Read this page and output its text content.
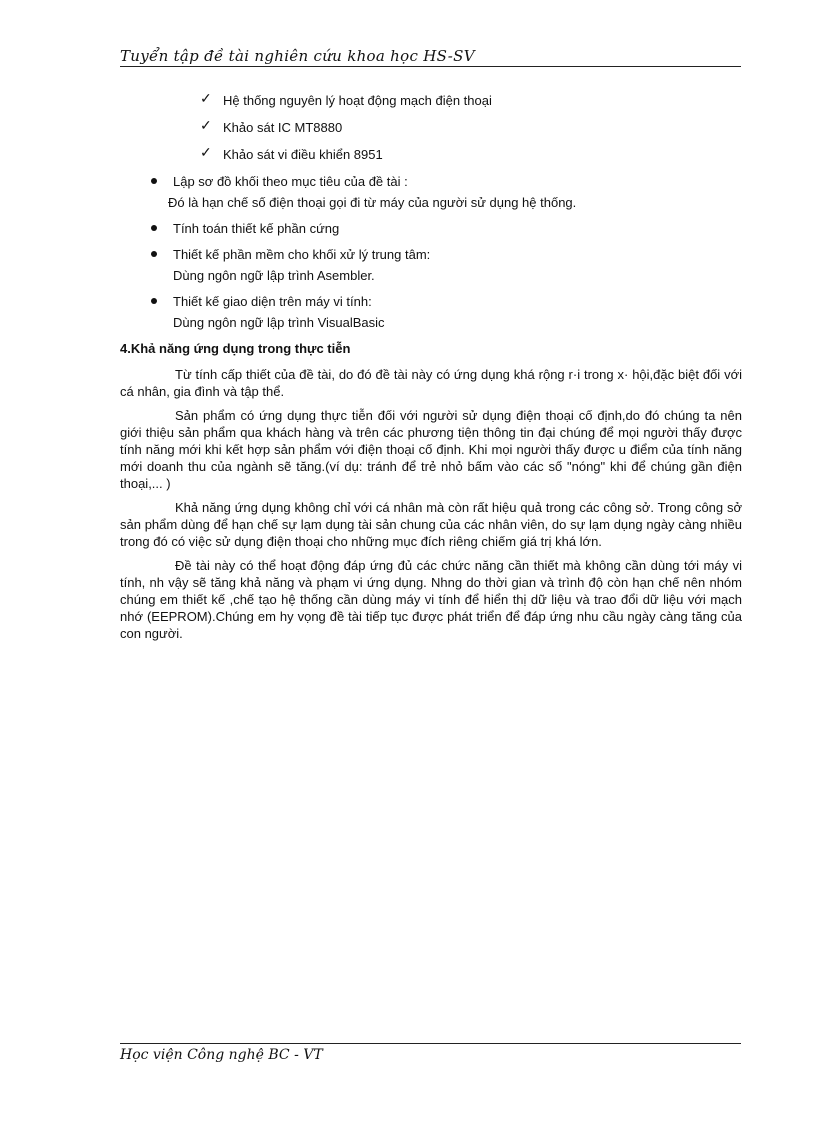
Tuyển tập đề tài nghiên cứu khoa học HS-SV
✓ Hệ thống nguyên lý hoạt động mạch điện thoại
✓ Khảo sát IC MT8880
✓ Khảo sát vi điều khiển 8951
Lập sơ đồ khối theo mục tiêu của đề tài :
Đó là hạn chế số điện thoại gọi đi từ máy của người sử dụng hệ thống.
Tính toán thiết kế phần cứng
Thiết kế phần mềm cho khối xử lý trung tâm:
Dùng ngôn ngữ lập trình Asembler.
Thiết kế giao diện trên máy vi tính:
Dùng ngôn ngữ lập trình VisualBasic
4.Khả năng ứng dụng trong thực tiễn

Từ tính cấp thiết của đề tài, do đó đề tài này có ứng dụng khá rộng r·i trong x· hội,đặc biệt đối với cá nhân, gia đình và tập thể.

Sản phẩm có ứng dụng thực tiễn đối với người sử dụng điện thoại cố định,do đó chúng ta nên giới thiệu sản phẩm qua khách hàng và trên các phương tiện thông tin đại chúng để mọi người thấy được tính năng mới khi kết hợp sản phẩm với điện thoại cố định. Khi mọi người thấy được u điểm của tính năng mới doanh thu của ngành sẽ tăng.(ví dụ: tránh để trẻ nhỏ bấm vào các số "nóng" khi để chúng gần điện thoại,... )

Khả năng ứng dụng không chỉ với cá nhân mà còn rất hiệu quả trong các công sở. Trong công sở sản phẩm dùng để hạn chế sự lạm dụng tài sản chung của các nhân viên, do sự lạm dụng ngày càng nhiều trong đó có việc sử dụng điện thoại cho những mục đích riêng chiếm giá trị khá lớn.

Đề tài này có thể hoạt động đáp ứng đủ các chức năng cần thiết mà không cần dùng tới máy vi tính, nh vậy sẽ tăng khả năng và phạm vi ứng dụng. Nhng do thời gian và trình độ còn hạn chế nên nhóm chúng em thiết kế ,chế tạo hệ thống cần dùng máy vi tính để hiển thị dữ liệu và trao đổi dữ liệu với mạch nhớ (EEPROM).Chúng em hy vọng đề tài tiếp tục được phát triển để đáp ứng nhu cầu ngày càng tăng của con người.

Học viện Công nghệ BC - VT
